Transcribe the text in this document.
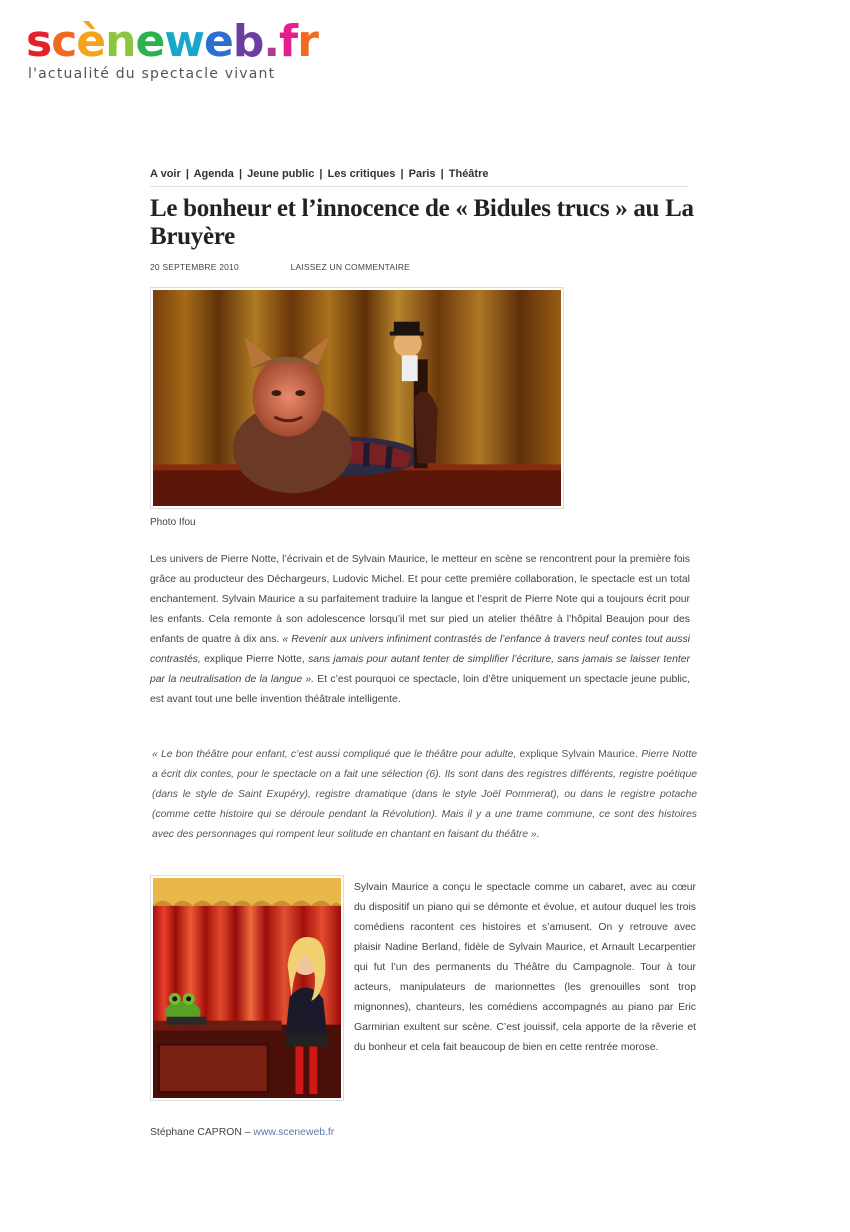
scèneweb.fr
l'actualité du spectacle vivant
A voir | Agenda | Jeune public | Les critiques | Paris | Théâtre
Le bonheur et l’innocence de « Bidules trucs » au La Bruyère
20 SEPTEMBRE 2010	LAISSEZ UN COMMENTAIRE
Photo Ifou

Les univers de Pierre Notte, l’écrivain et de Sylvain Maurice, le metteur en scène se rencontrent pour la première fois grâce au producteur des Déchargeurs, Ludovic Michel. Et pour cette première collaboration, le spectacle est un total enchantement. Sylvain Maurice a su parfaitement traduire la langue et l’esprit de Pierre Note qui a toujours écrit pour les enfants. Cela remonte à son adolescence lorsqu’il met sur pied un atelier théâtre à l’hôpital Beaujon pour des enfants de quatre à dix ans. « Revenir aux univers infiniment contrastés de l’enfance à travers neuf contes tout aussi contrastés, explique Pierre Notte, sans jamais pour autant tenter de simplifier l’écriture, sans jamais se laisser tenter par la neutralisation de la langue ». Et c’est pourquoi ce spectacle, loin d’être uniquement un spectacle jeune public, est avant tout une belle invention théâtrale intelligente.

« Le bon théâtre pour enfant, c’est aussi compliqué que le théâtre pour adulte, explique Sylvain Maurice. Pierre Notte a écrit dix contes, pour le spectacle on a fait une sélection (6). Ils sont dans des registres différents, registre poétique (dans le style de Saint Exupéry), registre dramatique (dans le style Joël Pommerat), ou dans le registre potache (comme cette histoire qui se déroule pendant la Révolution). Mais il y a une trame commune, ce sont des histoires avec des personnages qui rompent leur solitude en chantant en faisant du théâtre ».

Sylvain Maurice a conçu le spectacle comme un cabaret, avec au cœur du dispositif un piano qui se démonte et évolue, et autour duquel les trois comédiens racontent ces histoires et s’amusent. On y retrouve avec plaisir Nadine Berland, fidèle de Sylvain Maurice, et Arnault Lecarpentier qui fut l’un des permanents du Théâtre du Campagnole. Tour à tour acteurs, manipulateurs de marionnettes (les grenouilles sont trop mignonnes), chanteurs, les comédiens accompagnés au piano par Eric Garmirian exultent sur scène. C’est jouissif, cela apporte de la rêverie et du bonheur et cela fait beaucoup de bien en cette rentrée morose.

Stéphane CAPRON – www.sceneweb.fr
